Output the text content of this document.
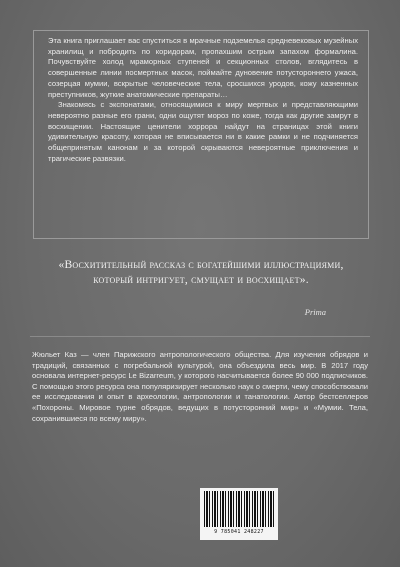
Эта книга приглашает вас спуститься в мрачные подземелья средневековых музейных хранилищ и побродить по коридорам, пропахшим острым запахом формалина. Почувствуйте холод мраморных ступеней и секционных столов, вглядитесь в совершенные линии посмертных масок, поймайте дуновение потустороннего ужаса, созерцая мумии, вскрытые человеческие тела, сросшихся уродов, кожу казненных преступников, жуткие анатомические препараты…

Знакомясь с экспонатами, относящимися к миру мертвых и представляющими невероятно разные его грани, одни ощутят мороз по коже, тогда как другие замрут в восхищении. Настоящие ценители хоррора найдут на страницах этой книги удивительную красоту, которая не вписывается ни в какие рамки и не подчиняется общепринятым канонам и за которой скрываются невероятные приключения и трагические развязки.

«Восхитительный рассказ с богатейшими иллюстрациями, который интригует, смущает и восхищает».
Prima

Жюльет Каз — член Парижского антропологического общества. Для изучения обрядов и традиций, связанных с погребальной культурой, она объездила весь мир. В 2017 году основала интернет-ресурс Le Bizarreum, у которого насчитывается более 90 000 подписчиков. С помощью этого ресурса она популяризирует несколько наук о смерти, чему способствовали ее исследования и опыт в археологии, антропологии и танатологии. Автор бестселлеров «Похороны. Мировое турне обрядов, ведущих в потусторонний мир» и «Мумии. Тела, сохранившиеся по всему миру».

9 785041 248227
